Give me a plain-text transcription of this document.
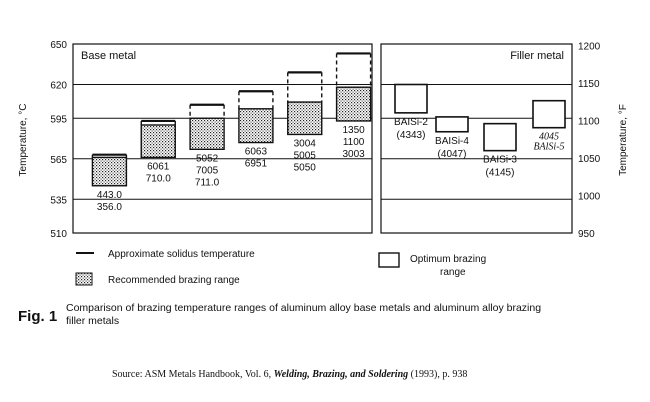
Temperature, °C	Temperature, °F
650
620
595
565
535
510
1200
1150
1100
1050
1000
950
Base metal
443.0
356.0
6061
710.0
5052
7005
711.0
6063
6951
3004
5005
5050
1350
1100
3003
Filler metal
BAISi-2
(4343)
BAISi-4
(4047)
BAISi-3
(4145)
4045
BAlSi-5
Approximate solidus temperature
Recommended brazing range
Optimum brazing
range
Fig. 1 Comparison of brazing temperature ranges of aluminum alloy base metals and aluminum alloy brazing
filler metals
Source: ASM Metals Handbook, Vol. 6, Welding, Brazing, and Soldering (1993), p. 938
